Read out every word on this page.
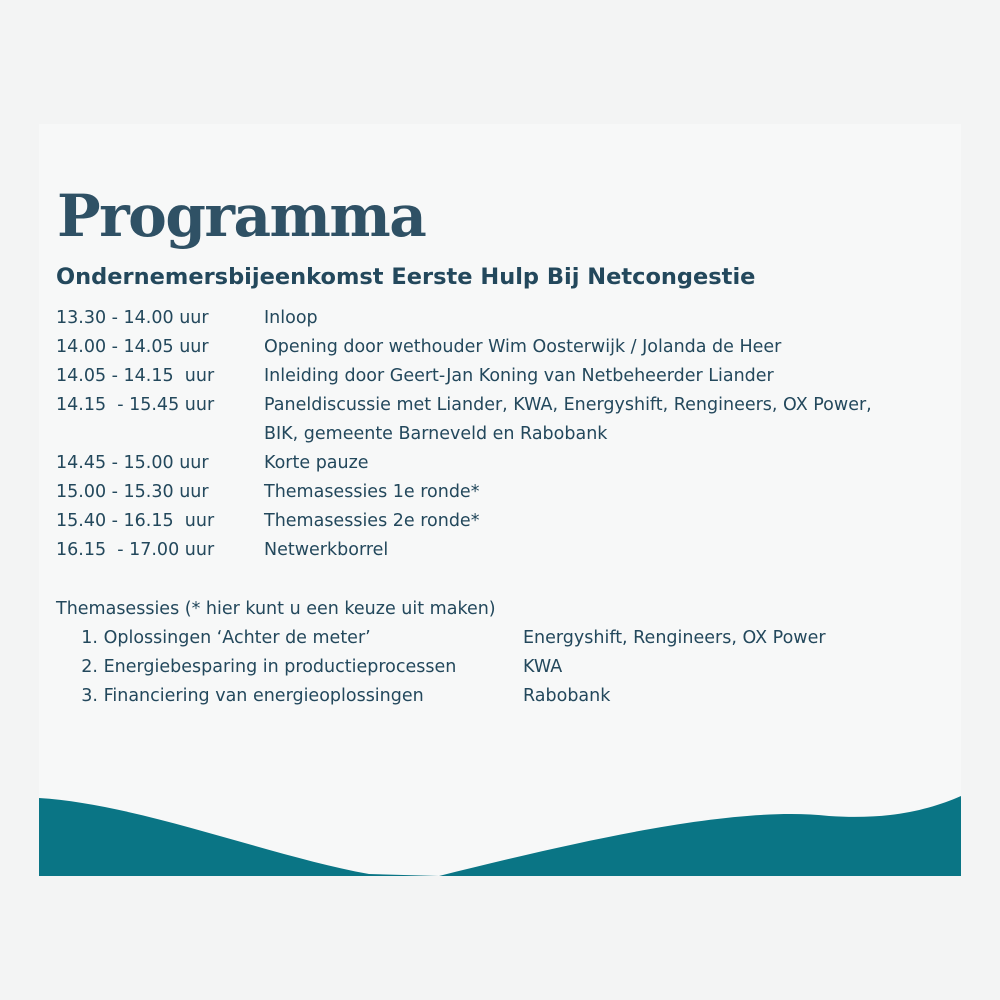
Programma
Ondernemersbijeenkomst Eerste Hulp Bij Netcongestie
13.30 - 14.00 uur	Inloop
14.00 - 14.05 uur	Opening door wethouder Wim Oosterwijk / Jolanda de Heer
14.05 - 14.15  uur	Inleiding door Geert-Jan Koning van Netbeheerder Liander
14.15  - 15.45 uur	Paneldiscussie met Liander, KWA, Energyshift, Rengineers, OX Power,
BIK, gemeente Barneveld en Rabobank
14.45 - 15.00 uur	Korte pauze
15.00 - 15.30 uur	Themasessies 1e ronde*
15.40 - 16.15  uur	Themasessies 2e ronde*
16.15  - 17.00 uur	Netwerkborrel
Themasessies (* hier kunt u een keuze uit maken)
1. Oplossingen ‘Achter de meter’	Energyshift, Rengineers, OX Power
2. Energiebesparing in productieprocessen	KWA
3. Financiering van energieoplossingen	Rabobank
